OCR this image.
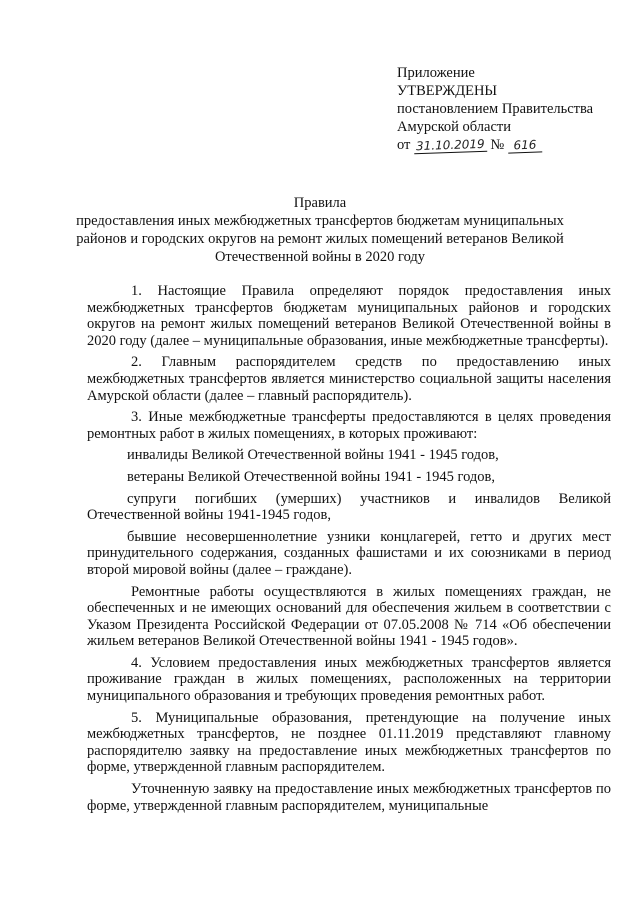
Приложение
УТВЕРЖДЕНЫ
постановлением Правительства
Амурской области
от 31.10.2019 № 616
Правила
предоставления иных межбюджетных трансфертов бюджетам муниципальных районов и городских округов на ремонт жилых помещений ветеранов Великой Отечественной войны в 2020 году

1. Настоящие Правила определяют порядок предоставления иных межбюджетных трансфертов бюджетам муниципальных районов и городских округов на ремонт жилых помещений ветеранов Великой Отечественной войны в 2020 году (далее – муниципальные образования, иные межбюджетные трансферты).

2. Главным распорядителем средств по предоставлению иных межбюджетных трансфертов является министерство социальной защиты населения Амурской области (далее – главный распорядитель).

3. Иные межбюджетные трансферты предоставляются в целях проведения ремонтных работ в жилых помещениях, в которых проживают:

инвалиды Великой Отечественной войны 1941 - 1945 годов,

ветераны Великой Отечественной войны 1941 - 1945 годов,

супруги погибших (умерших) участников и инвалидов Великой Отечественной войны 1941-1945 годов,

бывшие несовершеннолетние узники концлагерей, гетто и других мест принудительного содержания, созданных фашистами и их союзниками в период второй мировой войны (далее – граждане).

Ремонтные работы осуществляются в жилых помещениях граждан, не обеспеченных и не имеющих оснований для обеспечения жильем в соответствии с Указом Президента Российской Федерации от 07.05.2008 № 714 «Об обеспечении жильем ветеранов Великой Отечественной войны 1941 - 1945 годов».

4. Условием предоставления иных межбюджетных трансфертов является проживание граждан в жилых помещениях, расположенных на территории муниципального образования и требующих проведения ремонтных работ.

5. Муниципальные образования, претендующие на получение иных межбюджетных трансфертов, не позднее 01.11.2019 представляют главному распорядителю заявку на предоставление иных межбюджетных трансфертов по форме, утвержденной главным распорядителем.

Уточненную заявку на предоставление иных межбюджетных трансфертов по форме, утвержденной главным распорядителем, муниципальные
